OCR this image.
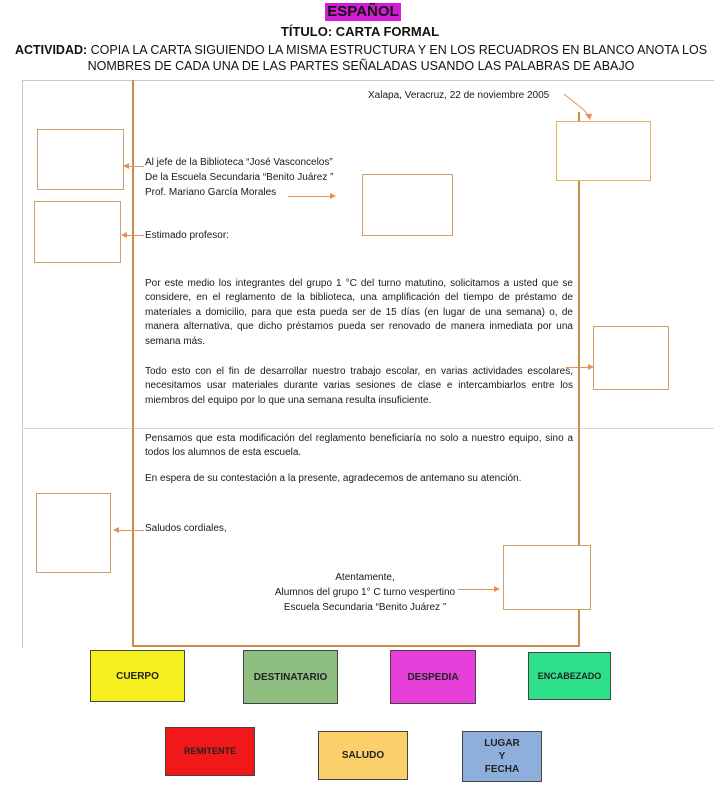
ESPAÑOL
TÍTULO: CARTA FORMAL
ACTIVIDAD: COPIA LA CARTA SIGUIENDO LA MISMA ESTRUCTURA Y EN LOS RECUADROS EN BLANCO ANOTA LOS NOMBRES DE CADA UNA DE LAS PARTES SEÑALADAS USANDO LAS PALABRAS DE ABAJO
Xalapa, Veracruz, 22 de noviembre 2005
Al jefe de la Biblioteca “José Vasconcelos”
De la Escuela Secundaria “Benito Juárez ”
Prof. Mariano García Morales
Estimado profesor:
Por este medio los integrantes del grupo 1 °C del turno matutino, solicitamos a usted que se considere, en el reglamento de la biblioteca, una amplificación del tiempo de préstamo de materiales a domicilio, para que esta pueda ser de 15 días (en lugar de una semana) o, de manera alternativa, que dicho préstamos pueda ser renovado de manera inmediata por una semana más.
Todo esto con el fin de desarrollar nuestro trabajo escolar, en varias actividades escolares, necesitamos usar materiales durante varias sesiones de clase e intercambiarlos entre los miembros del equipo por lo que una semana resulta insuficiente.
Pensamos que esta modificación del reglamento beneficiaría no solo a nuestro equipo, sino a todos los alumnos de esta escuela.
En espera de su contestación a la presente, agradecemos de antemano su atención.
Saludos cordiales,
Atentamente,
Alumnos del grupo 1° C turno vespertino
Escuela Secundaria “Benito Juárez ”
CUERPO	DESTINATARIO	DESPEDIA	ENCABEZADO
REMITENTE	SALUDO
LUGAR Y FECHA
